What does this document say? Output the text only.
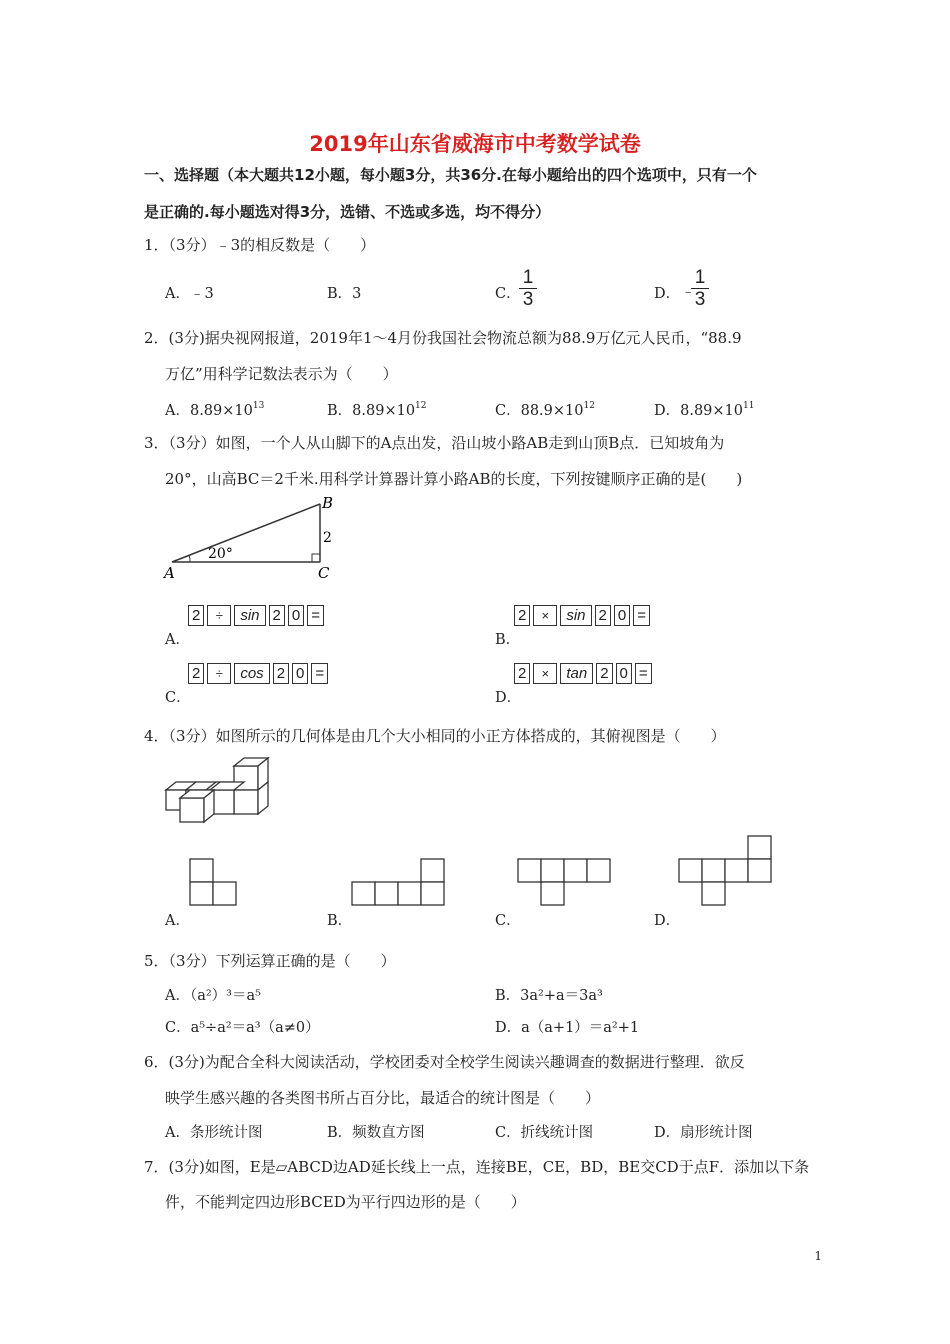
2019年山东省威海市中考数学试卷
一、选择题（本大题共12小题，每小题3分，共36分.在每小题给出的四个选项中，只有一个
是正确的.每小题选对得3分，选错、不选或多选，均不得分）
1．（3分）﹣3的相反数是（　　）
A．﹣3	B．3	C．
1
3	D． ﹣
1
3
2．(3分)据央视网报道，2019年1～4月份我国社会物流总额为88.9万亿元人民币，“88.9
万亿”用科学记数法表示为（　　）
A．$8.89\times 10^{13}$	B．$8.89\times 10^{12}$	C．$88.9\times 10^{12}$	D．$8.89\times 10^{11}$
3．（3分）如图，一个人从山脚下的A点出发，沿山坡小路AB走到山顶B点．已知坡角为
20°，山高BC＝2千米.用科学计算器计算小路AB的长度，下列按键顺序正确的是(　　)
A
B
C
20°
2
A．
2	÷	sin 2 0 =
B．
2	×	sin 2 0 =
C．
2	÷	cos 2 0 =
D．
2	×	tan 2 0 =
4．（3分）如图所示的几何体是由几个大小相同的小正方体搭成的，其俯视图是（　　）
A．	B．	C．	D．
5．（3分）下列运算正确的是（　　）
A．（a²）³＝a⁵	B．3a²+a＝3a³
C．a⁵÷a²＝a³（a≠0）	D．a（a+1）＝a²+1
6．(3分)为配合全科大阅读活动，学校团委对全校学生阅读兴趣调查的数据进行整理．欲反
映学生感兴趣的各类图书所占百分比，最适合的统计图是（　　）
A．条形统计图	B．频数直方图	C．折线统计图	D．扇形统计图
7．(3分)如图，E是▱ABCD边AD延长线上一点，连接BE，CE，BD，BE交CD于点F．添加以下条
件，不能判定四边形BCED为平行四边形的是（　　）
1
